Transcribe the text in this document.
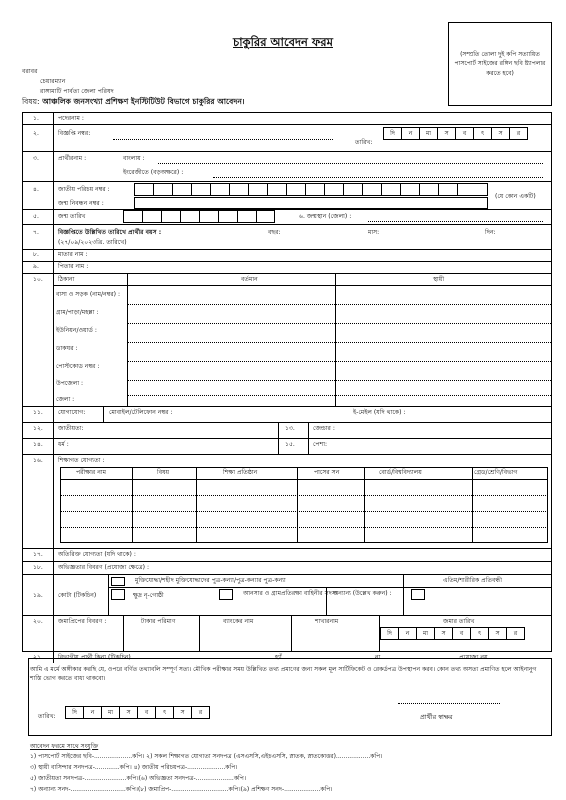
চাকুরির আবেদন ফরম
(সম্প্রতি তোলা দুই কপি সত্যায়িত পাসপোর্ট সাইজের রঙ্গিন ছবি ষ্ট্যাপলার করতে হবে)
বরাবর
চেয়ারম্যান
রাঙ্গামাটি পার্বত্য জেলা পরিষদ
বিষয়: আঞ্চলিক জনসংখ্যা প্রশিক্ষণ ইনস্টিটিউট বিভাগে চাকুরির আবেদন।
১.	পদেরনাম :
২.	বিজ্ঞপ্তি নম্বর:
তারিখ:
দি	ন	মা	স	ব	ৎ	স	র
৩.	প্রার্থীরনাম :	বাংলায় :
ইংরেজীতে (বড়অক্ষরে) :
৪.	জাতীয় পরিচয় নম্বর :
জন্ম নিবন্ধন নম্বর :
(যে কোন একটি)
৫.	জন্ম তারিখ	৬. জন্মস্থান (জেলা) :
৭.	বিজ্ঞপ্তিতে উল্লিখিত তারিখে প্রার্থীর বয়স :
(২৭/০৯/২০২৩খ্রি. তারিখে)
বছর:	মাস:	দিন:
৮.	মাতার নাম :
৯.	পিতার নাম :
১০. ঠিকানা	বর্তমান	স্থায়ী
বাসা ও সড়ক (নাম/নম্বর) :
গ্রাম/পাড়া/মহল্লা :
ইউনিয়ন/ওয়ার্ড :
ডাকঘর :
পোস্টকোড নম্বর :
উপজেলা :
জেলা :
১১. যোগাযোগ:	মোবাইল/টেলিফোন নম্বর :	ই-মেইল (যদি থাকে) :
১২. জাতীয়তা:	১৩.	জেন্ডার :
১৪. ধর্ম :	১৫.	পেশা:
১৬. শিক্ষাগত যোগ্যতা :
পরীক্ষার নাম	বিষয়	শিক্ষা প্রতিষ্ঠান	পাসের সন	বোর্ড/বিশ্ববিদ্যালয়	গ্রেড/শ্রেণি/বিভাগ
১৭. অতিরিক্ত যোগ্যতা (যদি থাকে) :
১৮. অভিজ্ঞতার বিবরণ (প্রযোজ্য ক্ষেত্রে) :
১৯. কোটা (টিকচিন)
মুক্তিযোদ্ধা/শহীদ মুক্তিযোদ্ধাদের পুত্র-কন্যা/পুত্র-কন্যার পুত্র-কন্যা	এতিম/শারীরিক প্রতিবন্ধী
ক্ষুদ্র নৃ-গোষ্ঠী	আনসার ও গ্রামপ্রতিরক্ষা বাহিনীর সদস্য
অন্যান্য (উল্লেখ করুন) :
২০. জমাপ্রিপের বিবরণ :	টাকার পরিমাণ	ব্যাংকের নাম	শাখারনাম	জমার তারিখ
দি	ন	মা	স	ব	ৎ	স	র
২১. বিভাগীয় প্রার্থী কিনা (টিকচিন)	হ্যাঁ	না	প্রযোজ্য নয়
আমি এ মর্মে অঙ্গীকার করছি যে, ওপরে বর্ণিত তথ্যাবলি সম্পূর্ণ সত্য। মৌখিক পরীক্ষার সময় উল্লিখিত তথ্য প্রমাণের জন্য সকল মূল সার্টিফিকেট ও রেকর্ডপত্র উপস্থাপন করব। কোন তথ্য অসত্য প্রমাণিত হলে আইনানুগ শাস্তি ভোগ করতে বাধ্য থাকবো।
তারিখ:
দি	ন	মা	স	ব	ৎ	স	র
প্রার্থীর স্বাক্ষর
আবেদন ফরমে সাথে সংযুক্তি
১) পাসপোর্ট সাইজের ছবি-....................কপি। ২) সকল শিক্ষাগত যোগ্যতা সনদপত্র (এসএসসি,এইচএসসি, স্নাতক, স্নাতকোত্তর)..................কপি।
৩) স্থায়ী বাসিন্দার সনদপত্র-.............কপি। ৪) জাতীয় পরিচয়পত্র-....................কপি।
৫) জাতীয়তা সনদপত্র-......................কপি।(৬) অভিজ্ঞতা সনদপত্র-....................কপি।
৭) অন্যান্য সনদ-.............................কপি।(৮) জমাপ্রিপ-..............................কপি।(৯) প্রশিক্ষণ সনদ-...................কপি।
